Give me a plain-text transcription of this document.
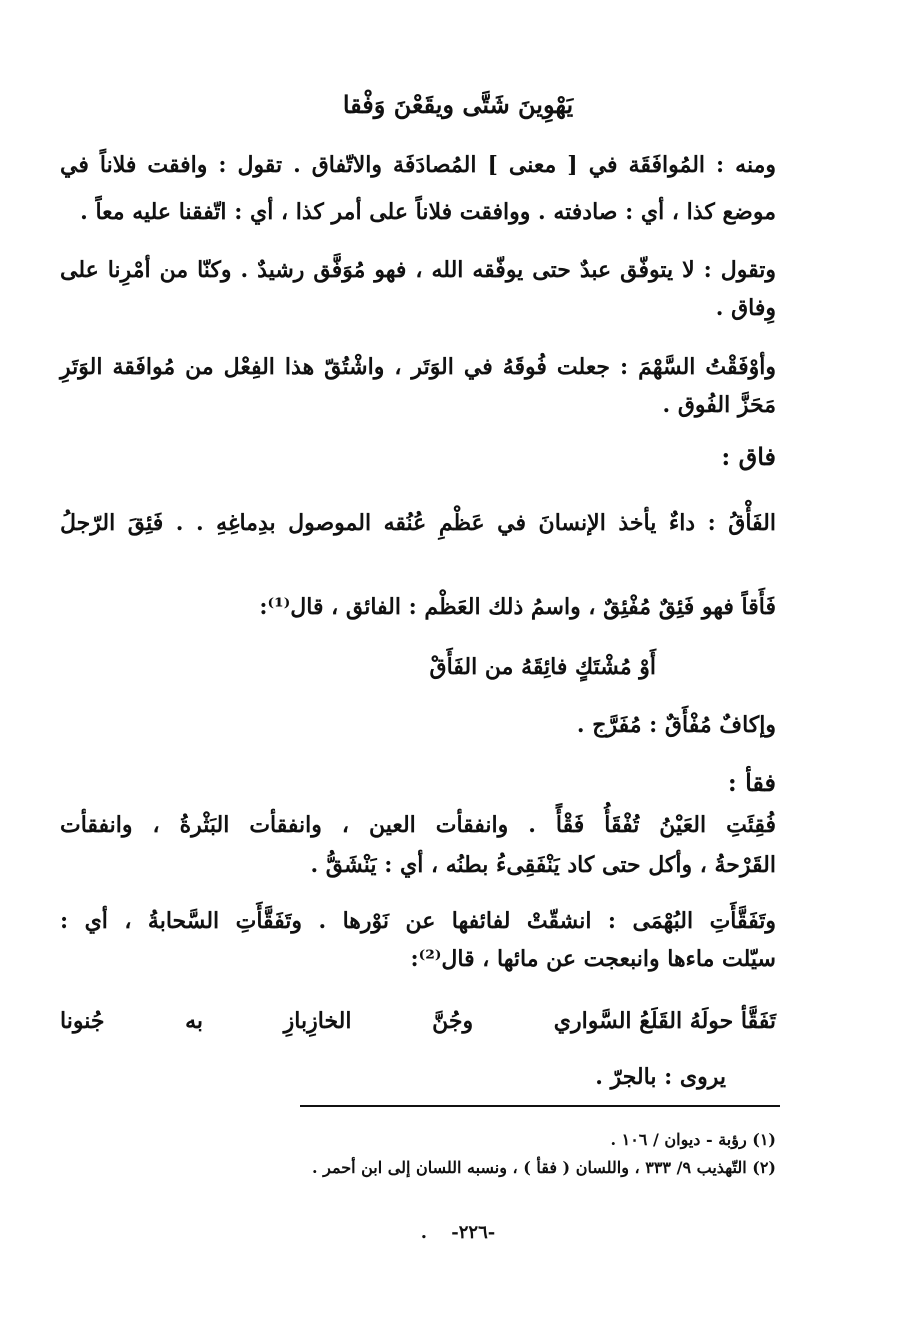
يَهْوِينَ شَتَّى ويقَعْنَ وَفْقا
ومنه : المُوافَقَة في [ معنى ] المُصادَفَة والاتّفاق . تقول : وافقت فلاناً في
موضع كذا ، أي : صادفته . ووافقت فلاناً على أمر كذا ، أي : اتّفقنا عليه معاً .
وتقول : لا يتوفّق عبدٌ حتى يوفّقه الله ، فهو مُوَفَّق رشيدٌ . وكنّا من أمْرِنا على
وِفاق .
وأوْفَقْتُ السَّهْمَ : جعلت فُوقَهُ في الوَتَر ، واشْتُقّ هذا الفِعْل من مُوافَقة الوَتَرِ
مَحَزَّ الفُوق .
فاق :
الفَأْقُ : داءٌ يأخذ الإنسانَ في عَظْمِ عُنُقه الموصول بدِماغِهِ . . فَئِقَ الرّجلُ
فَأَقاً فهو فَئِقٌ مُفْئِقٌ ، واسمُ ذلك العَظْم : الفائق ، قال⁽¹⁾:
أَوْ مُشْتَكٍ فائِقَهُ من الفَأَقْ
وإكافٌ مُفْأَقٌ : مُفَرَّج .
فقأ :
فُقِئَتِ العَيْنُ تُفْقَأُ فَقْأً . وانفقأت العين ، وانفقأت البَثْرةُ ، وانفقأت
القَرْحةُ ، وأكل حتى كاد يَنْفَقِىءُ بطنُه ، أي : يَنْشَقُّ .
وتَفَقَّأَتِ البُهْمَى : انشقّتْ لفائفها عن نَوْرها . وتَفَقَّأَتِ السَّحابةُ ، أي :
سيّلت ماءها وانبعجت عن مائها ، قال⁽²⁾:
تَفَقَّأ حولَهُ القَلَعُ السَّواري
وجُنَّ
الخازِبازِ
به
جُنونا
يروى : بالجرّ .
(١) رؤبة - ديوان / ١٠٦ .
(٢) التّهذيب ٩/ ٣٣٣ ، واللسان ( فقأ ) ، ونسبه اللسان إلى ابن أحمر .
-٢٢٦- .
